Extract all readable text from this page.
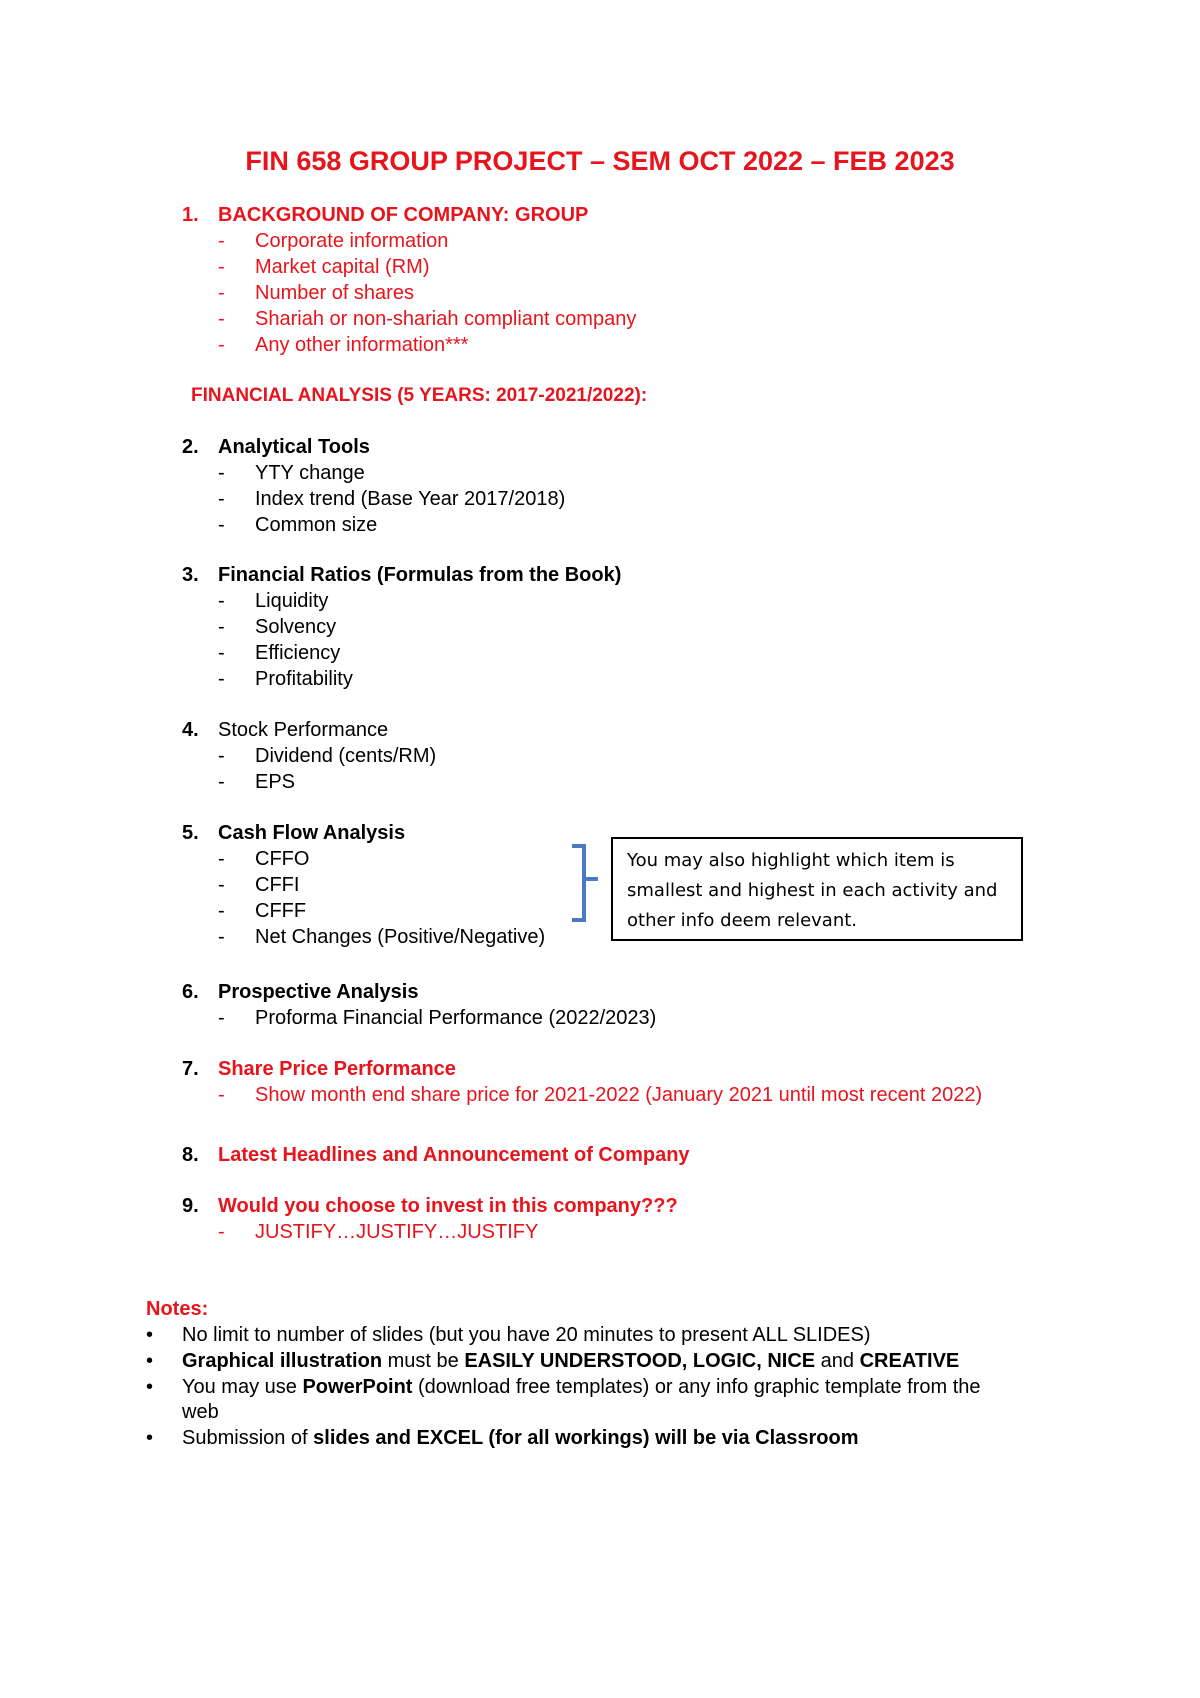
FIN 658 GROUP PROJECT – SEM OCT 2022 – FEB 2023
1. BACKGROUND OF COMPANY: GROUP
- Corporate information
- Market capital (RM)
- Number of shares
- Shariah or non-shariah compliant company
- Any other information***
FINANCIAL ANALYSIS (5 YEARS: 2017-2021/2022):
2. Analytical Tools
- YTY change
- Index trend (Base Year 2017/2018)
- Common size
3. Financial Ratios (Formulas from the Book)
- Liquidity
- Solvency
- Efficiency
- Profitability
4. Stock Performance
- Dividend (cents/RM)
- EPS
5. Cash Flow Analysis
- CFFO
- CFFI
- CFFF
- Net Changes (Positive/Negative)
You may also highlight which item is
smallest and highest in each activity and
other info deem relevant.
6. Prospective Analysis
- Proforma Financial Performance (2022/2023)
7. Share Price Performance
- Show month end share price for 2021-2022 (January 2021 until most recent 2022)
8. Latest Headlines and Announcement of Company
9. Would you choose to invest in this company???
- JUSTIFY…JUSTIFY…JUSTIFY
Notes:
• No limit to number of slides (but you have 20 minutes to present ALL SLIDES)
• Graphical illustration must be EASILY UNDERSTOOD, LOGIC, NICE and CREATIVE
• You may use PowerPoint (download free templates) or any info graphic template from the
web
• Submission of slides and EXCEL (for all workings) will be via Classroom
